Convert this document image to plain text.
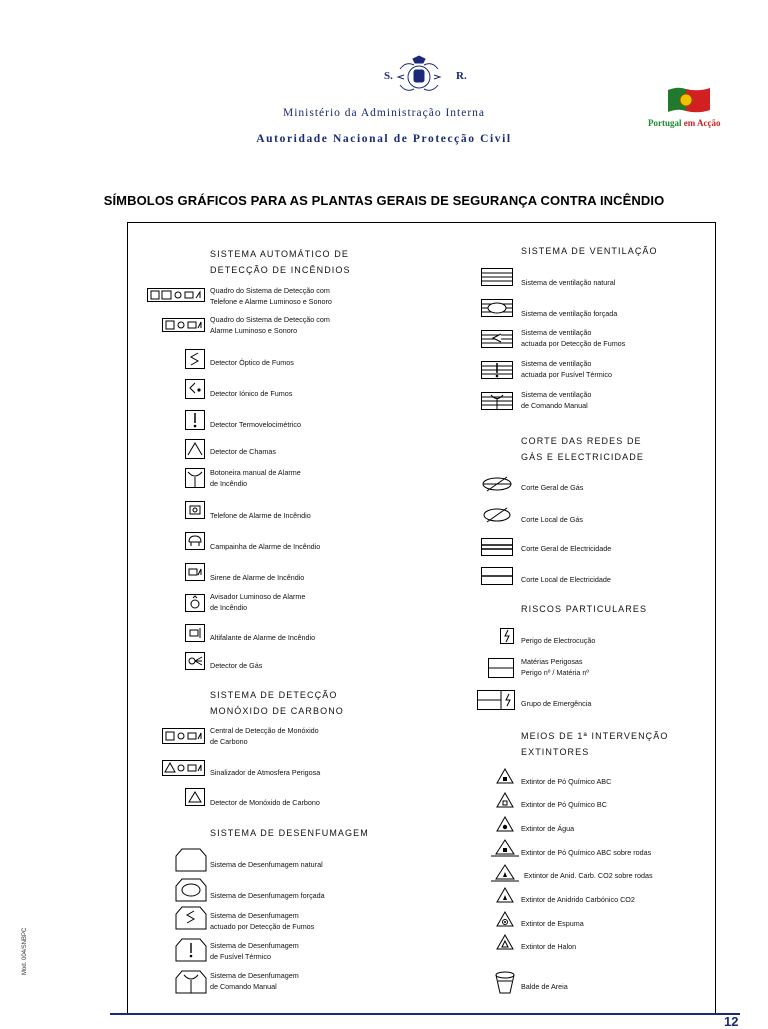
S.	R.
Ministério da Administração Interna
Autoridade Nacional de Protecção Civil
Portugal em Acção
SÍMBOLOS GRÁFICOS PARA AS PLANTAS GERAIS DE SEGURANÇA CONTRA INCÊNDIO
SISTEMA AUTOMÁTICO DE
DETECÇÃO DE INCÊNDIOS
Quadro do Sistema de Detecção com
Telefone e Alarme Luminoso e Sonoro
Quadro do Sistema de Detecção com
Alarme Luminoso e Sonoro
Detector Óptico de Fumos
Detector Iónico de Fumos
Detector Termovelocimétrico
Detector de Chamas
Botoneira manual de Alarme
de Incêndio
Telefone de Alarme de Incêndio
Campainha de Alarme de Incêndio
Sirene de Alarme de Incêndio
Avisador Luminoso de Alarme
de Incêndio
Altifalante de Alarme de Incêndio
Detector de Gás
SISTEMA DE DETECÇÃO
MONÓXIDO DE CARBONO
Central de Detecção de Monóxido
de Carbono
Sinalizador de Atmosfera Perigosa
Detector de Monóxido de Carbono
SISTEMA DE DESENFUMAGEM
Sistema de Desenfumagem natural
Sistema de Desenfumagem forçada
Sistema de Desenfumagem
actuado por Detecção de Fumos
Sistema de Desenfumagem
de Fusível Térmico
Sistema de Desenfumagem
de Comando Manual
SISTEMA DE VENTILAÇÃO
Sistema de ventilação natural
Sistema de ventilação forçada
Sistema de ventilação
actuada por Detecção de Fumos
Sistema de ventilação
actuada por Fusível Térmico
Sistema de ventilação
de Comando Manual
CORTE DAS REDES DE
GÁS E ELECTRICIDADE
Corte Geral de Gás
Corte Local de Gás
Corte Geral de Electricidade
Corte Local de Electricidade
RISCOS PARTICULARES
Perigo de Electrocução
Matérias Perigosas
Perigo nº / Matéria nº
Grupo de Emergência
MEIOS DE 1ª INTERVENÇÃO
EXTINTORES
Extintor de Pó Químico ABC
Extintor de Pó Químico BC
Extintor de Água
Extintor de Pó Químico ABC sobre rodas
Extintor de Anid. Carb. CO2 sobre rodas
Extintor de Anidrido Carbónico CO2
Extintor de Espuma
Extintor de Halon
Balde de Areia
Mod. 004/SNBPC
12
